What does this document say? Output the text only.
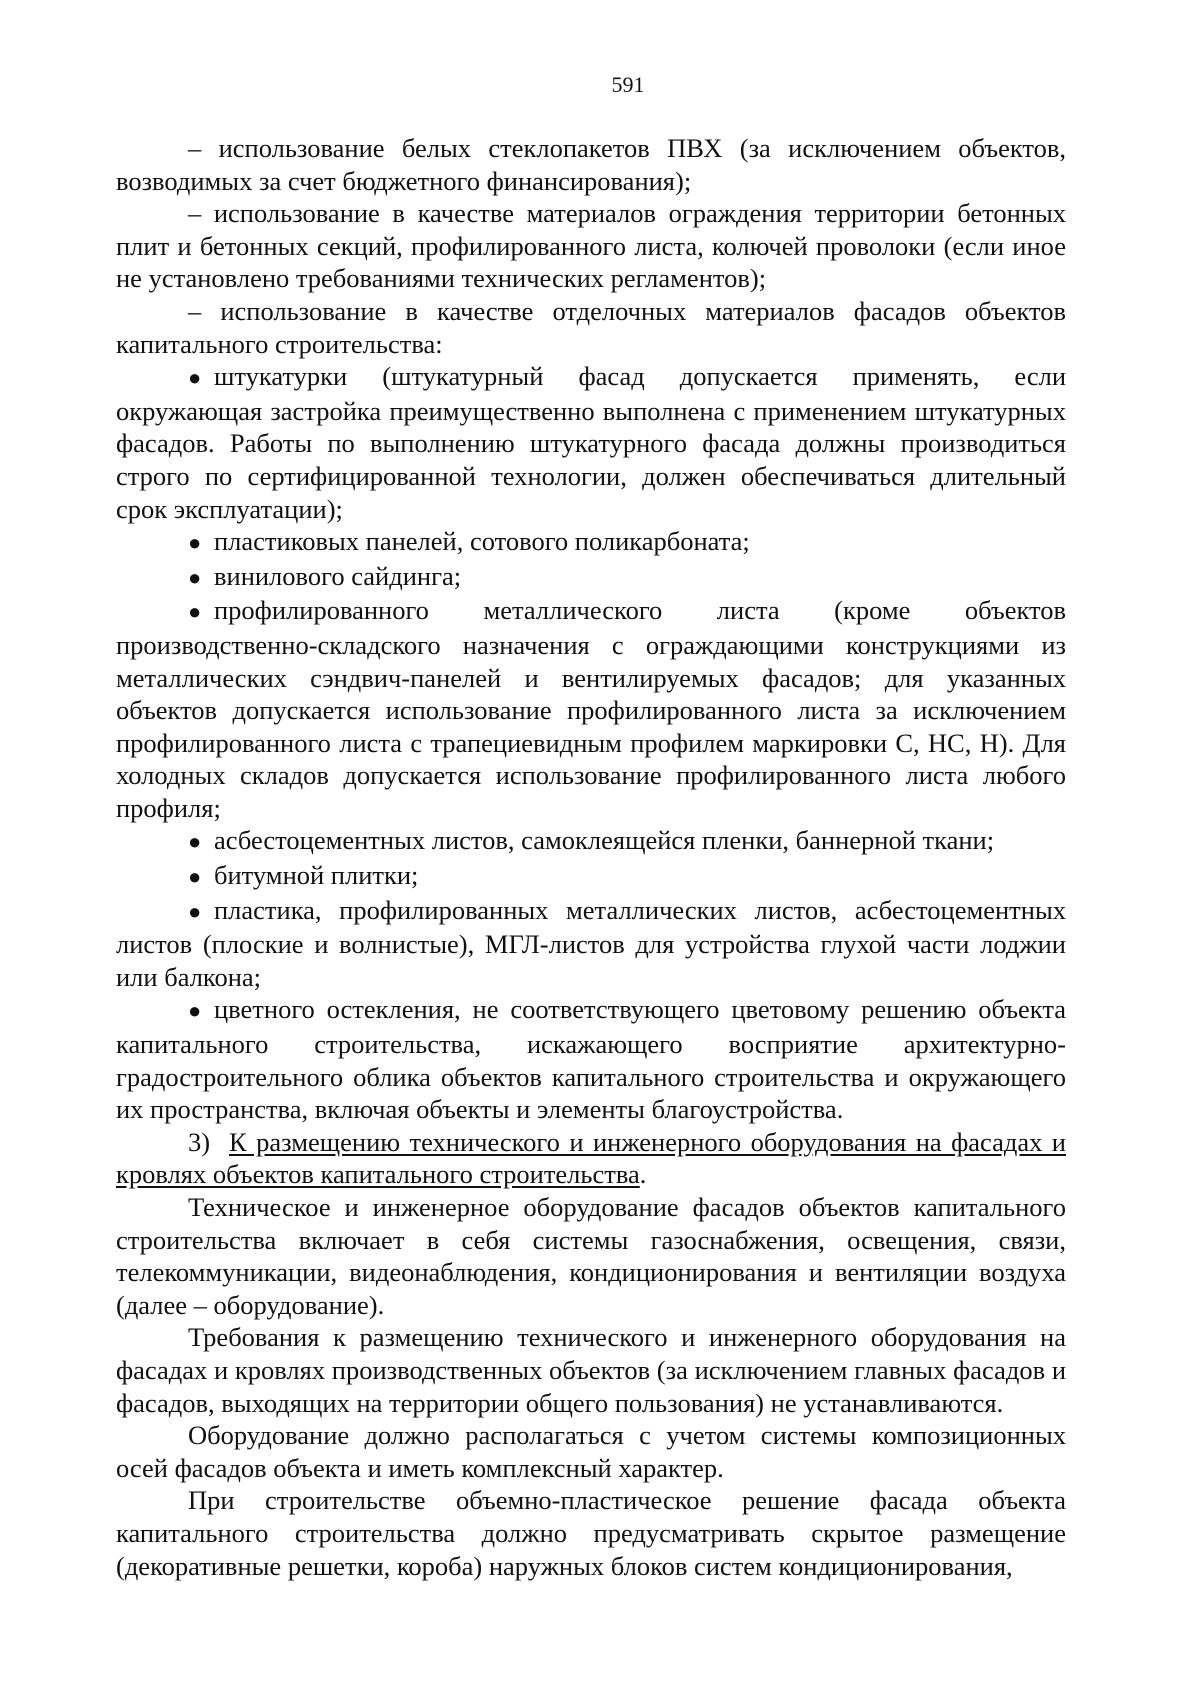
591

– использование белых стеклопакетов ПВХ (за исключением объектов, возводимых за счет бюджетного финансирования);

– использование в качестве материалов ограждения территории бетонных плит и бетонных секций, профилированного листа, колючей проволоки (если иное не установлено требованиями технических регламентов);

– использование в качестве отделочных материалов фасадов объектов капитального строительства:

● штукатурки (штукатурный фасад допускается применять, если окружающая застройка преимущественно выполнена с применением штукатурных фасадов. Работы по выполнению штукатурного фасада должны производиться строго по сертифицированной технологии, должен обеспечиваться длительный срок эксплуатации);

● пластиковых панелей, сотового поликарбоната;

● винилового сайдинга;

● профилированного металлического листа (кроме объектов производственно-складского назначения с ограждающими конструкциями из металлических сэндвич-панелей и вентилируемых фасадов; для указанных объектов допускается использование профилированного листа за исключением профилированного листа с трапециевидным профилем маркировки С, НС, Н). Для холодных складов допускается использование профилированного листа любого профиля;

● асбестоцементных листов, самоклеящейся пленки, баннерной ткани;

● битумной плитки;

● пластика, профилированных металлических листов, асбестоцементных листов (плоские и волнистые), МГЛ-листов для устройства глухой части лоджии или балкона;

● цветного остекления, не соответствующего цветовому решению объекта капитального строительства, искажающего восприятие архитектурно-градостроительного облика объектов капитального строительства и окружающего их пространства, включая объекты и элементы благоустройства.

3) К размещению технического и инженерного оборудования на фасадах и кровлях объектов капитального строительства.

Техническое и инженерное оборудование фасадов объектов капитального строительства включает в себя системы газоснабжения, освещения, связи, телекоммуникации, видеонаблюдения, кондиционирования и вентиляции воздуха (далее – оборудование).

Требования к размещению технического и инженерного оборудования на фасадах и кровлях производственных объектов (за исключением главных фасадов и фасадов, выходящих на территории общего пользования) не устанавливаются.

Оборудование должно располагаться с учетом системы композиционных осей фасадов объекта и иметь комплексный характер.

При строительстве объемно-пластическое решение фасада объекта капитального строительства должно предусматривать скрытое размещение (декоративные решетки, короба) наружных блоков систем кондиционирования,
